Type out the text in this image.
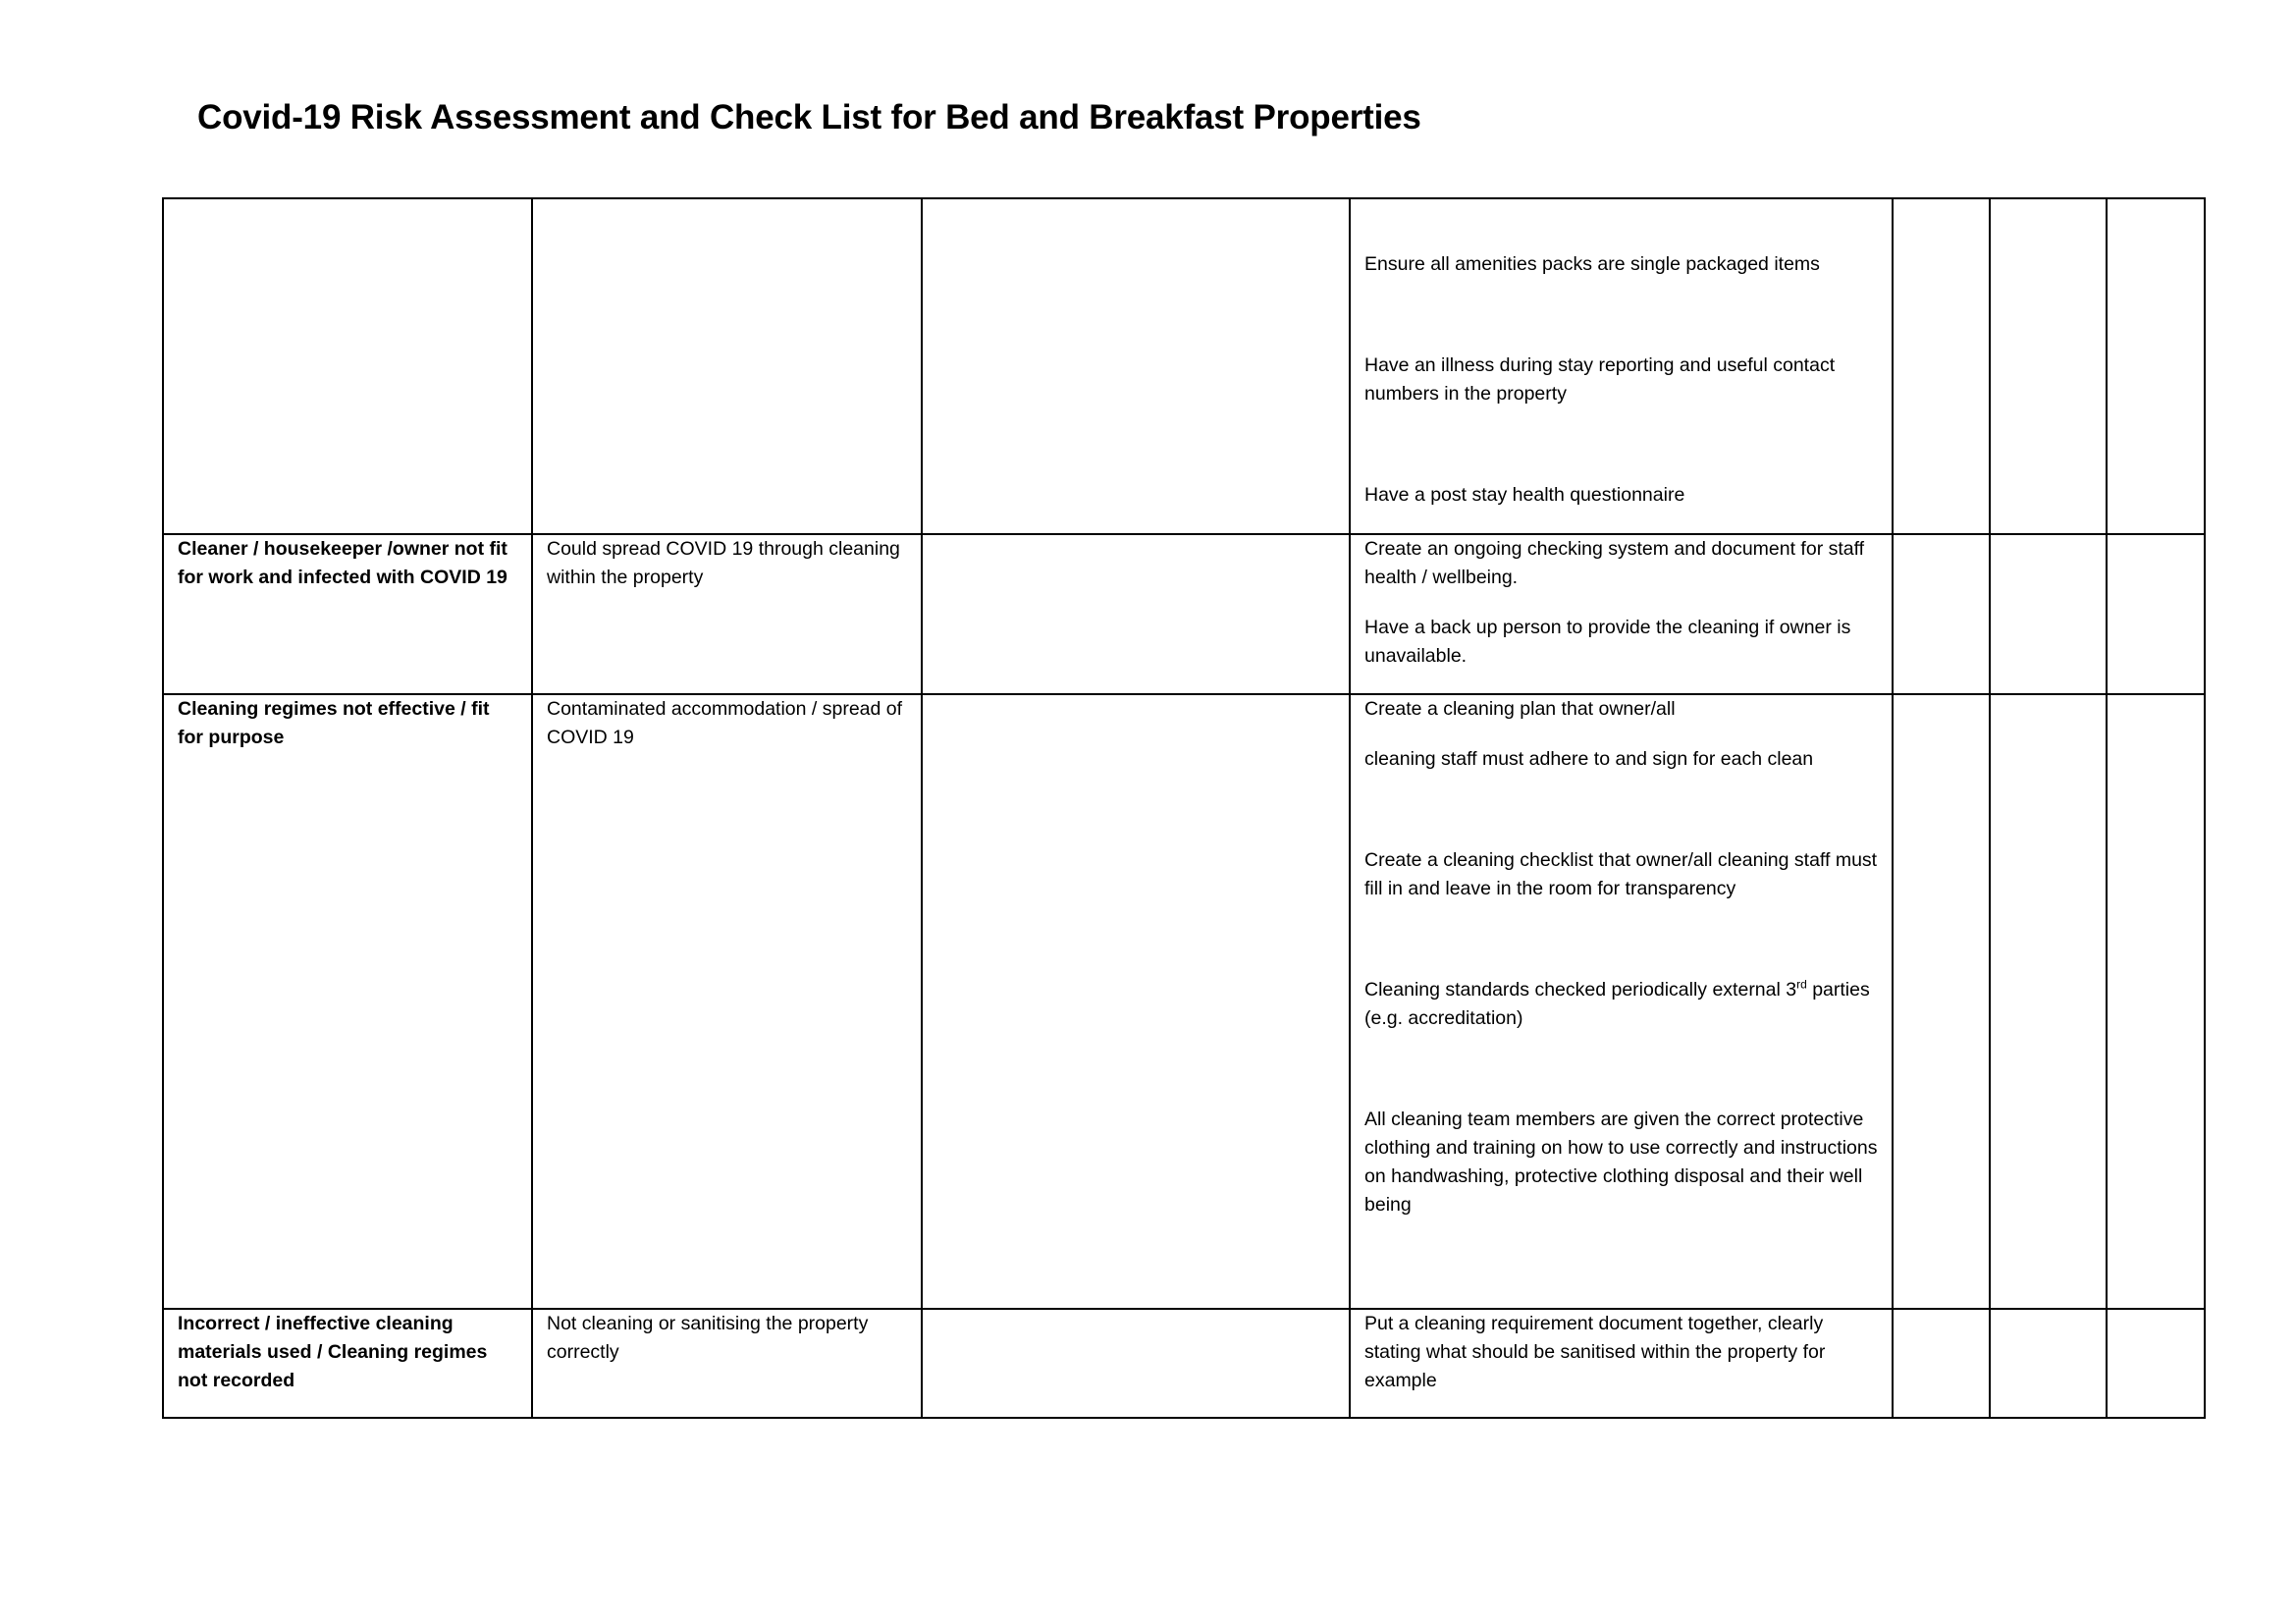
Covid-19 Risk Assessment and Check List for Bed and Breakfast Properties

			Ensure all amenities packs are single packaged items

Have an illness during stay reporting and useful contact numbers in the property

Have a post stay health questionnaire			

Cleaner / housekeeper /owner not fit for work and infected with COVID 19	Could spread COVID 19 through cleaning within the property		Create an ongoing checking system and document for staff health / wellbeing.

Have a back up person to provide the cleaning if owner is unavailable.			

Cleaning regimes not effective / fit for purpose	Contaminated accommodation / spread of COVID 19		Create a cleaning plan that owner/all

cleaning staff must adhere to and sign for each clean

Create a cleaning checklist that owner/all cleaning staff must fill in and leave in the room for transparency

Cleaning standards checked periodically external 3rd parties (e.g. accreditation)

All cleaning team members are given the correct protective clothing and training on how to use correctly and instructions on handwashing, protective clothing disposal and their well being			

Incorrect / ineffective cleaning materials used / Cleaning regimes not recorded	Not cleaning or sanitising the property correctly		Put a cleaning requirement document together, clearly stating what should be sanitised within the property for example			
